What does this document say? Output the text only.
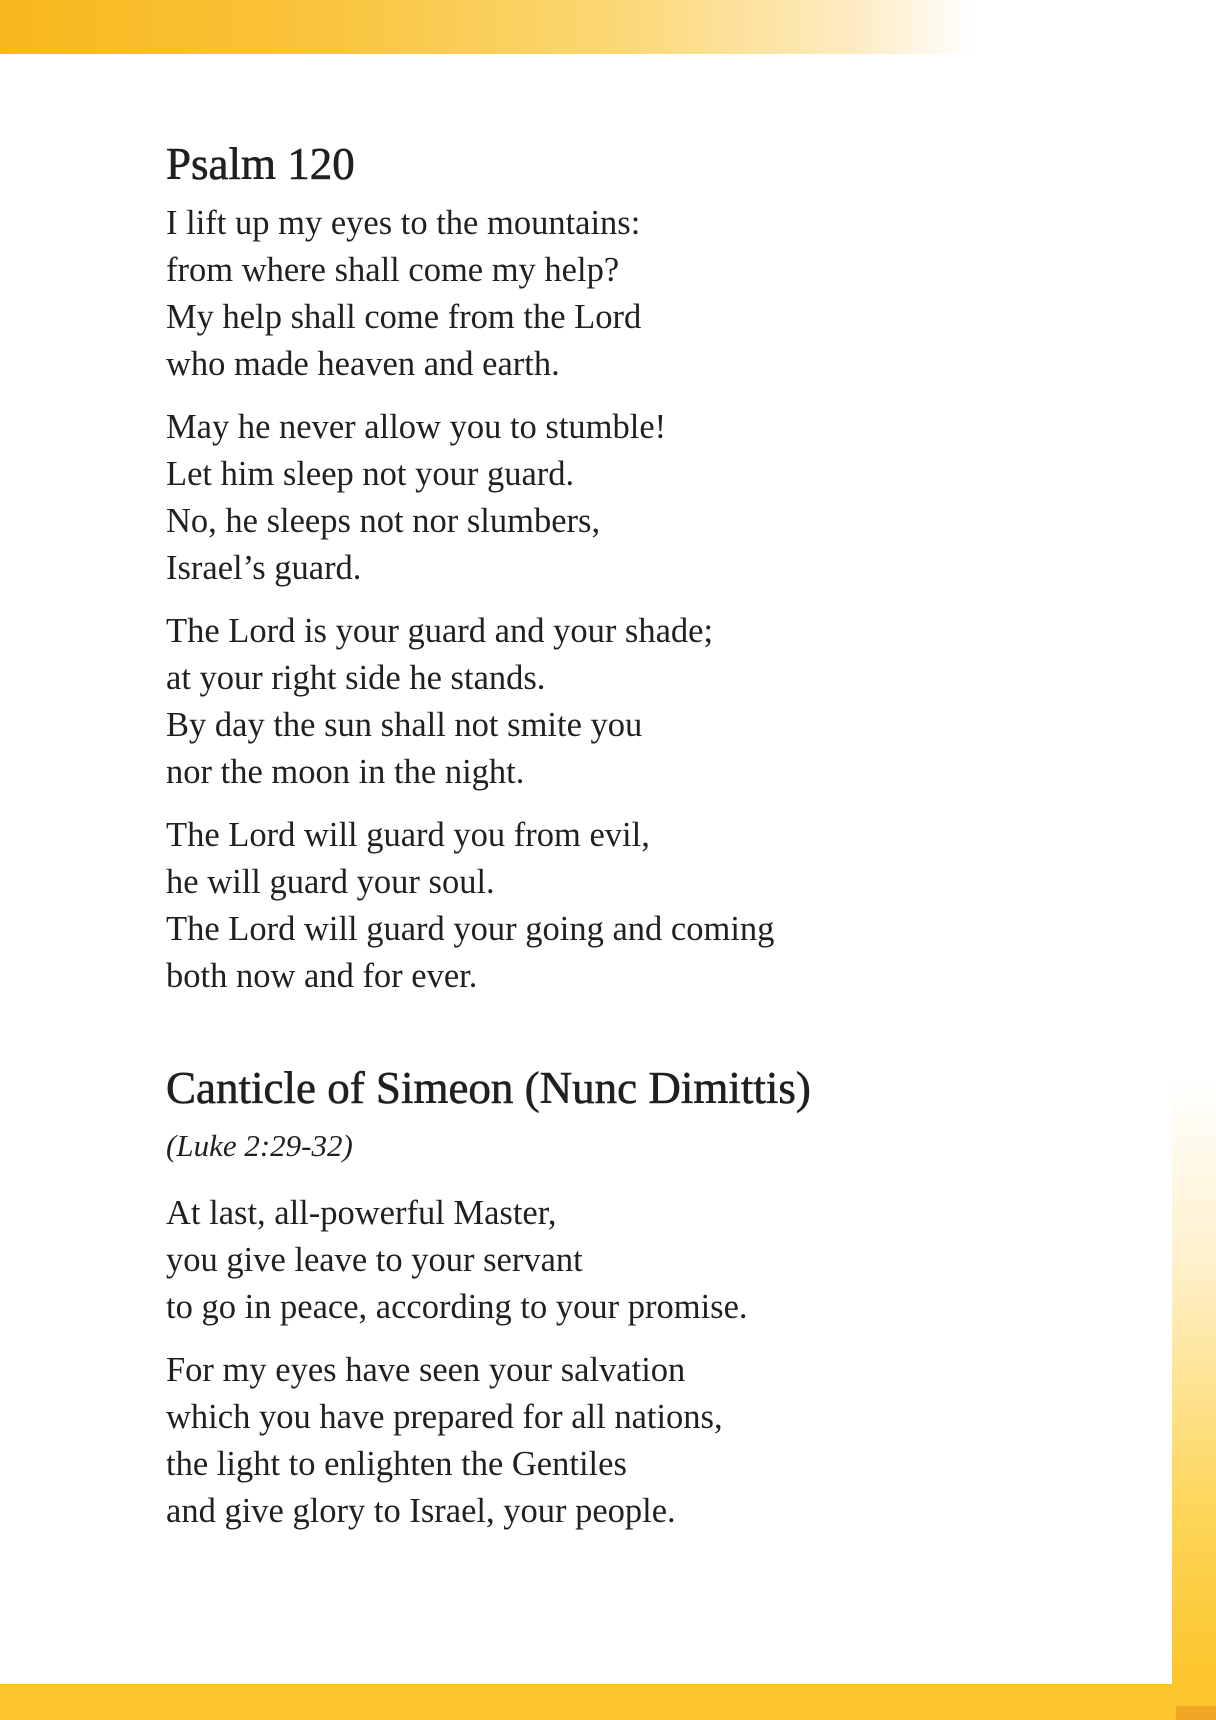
Psalm 120
I lift up my eyes to the mountains:
from where shall come my help?
My help shall come from the Lord
who made heaven and earth.
May he never allow you to stumble!
Let him sleep not your guard.
No, he sleeps not nor slumbers,
Israel’s guard.
The Lord is your guard and your shade;
at your right side he stands.
By day the sun shall not smite you
nor the moon in the night.
The Lord will guard you from evil,
he will guard your soul.
The Lord will guard your going and coming
both now and for ever.
Canticle of Simeon (Nunc Dimittis)
(Luke 2:29-32)
At last, all-powerful Master,
you give leave to your servant
to go in peace, according to your promise.
For my eyes have seen your salvation
which you have prepared for all nations,
the light to enlighten the Gentiles
and give glory to Israel, your people.
